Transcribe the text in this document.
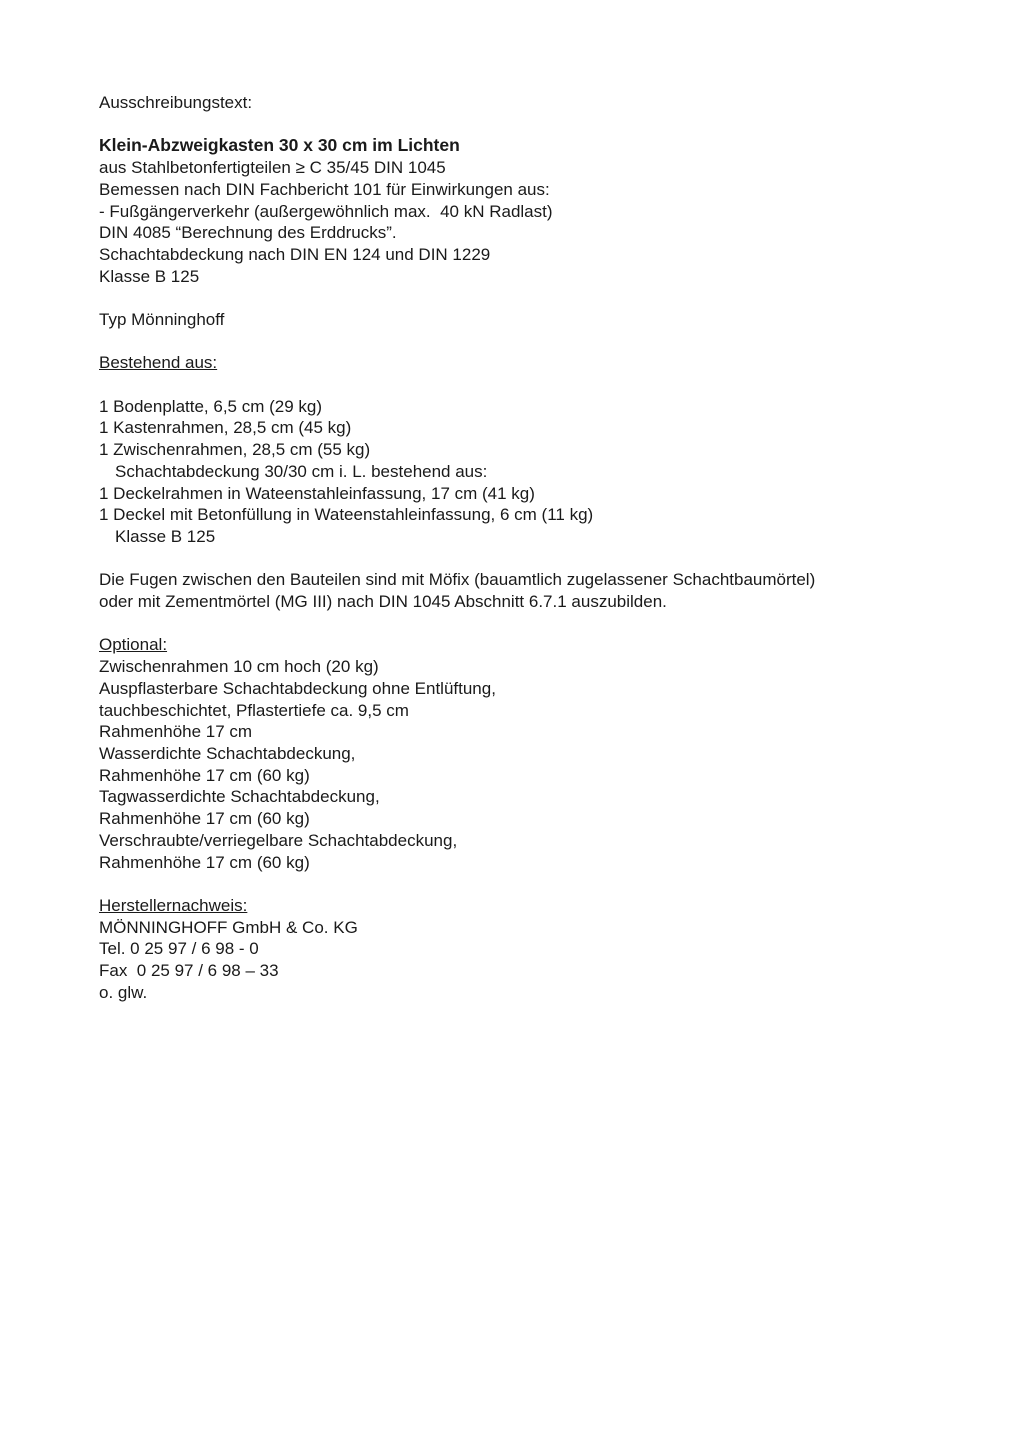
Ausschreibungstext:
Klein-Abzweigkasten 30 x 30 cm im Lichten
aus Stahlbetonfertigteilen ≥ C 35/45 DIN 1045
Bemessen nach DIN Fachbericht 101 für Einwirkungen aus:
- Fußgängerverkehr (außergewöhnlich max.  40 kN Radlast)
DIN 4085 “Berechnung des Erddrucks”.
Schachtabdeckung nach DIN EN 124 und DIN 1229
Klasse B 125
Typ Mönninghoff
Bestehend aus:
1 Bodenplatte, 6,5 cm (29 kg)
1 Kastenrahmen, 28,5 cm (45 kg)
1 Zwischenrahmen, 28,5 cm (55 kg)
Schachtabdeckung 30/30 cm i. L. bestehend aus:
1 Deckelrahmen in Wateenstahleinfassung, 17 cm (41 kg)
1 Deckel mit Betonfüllung in Wateenstahleinfassung, 6 cm (11 kg)
Klasse B 125
Die Fugen zwischen den Bauteilen sind mit Möfix (bauamtlich zugelassener Schachtbaumörtel)
oder mit Zementmörtel (MG III) nach DIN 1045 Abschnitt 6.7.1 auszubilden.
Optional:
Zwischenrahmen 10 cm hoch (20 kg)
Auspflasterbare Schachtabdeckung ohne Entlüftung,
tauchbeschichtet, Pflastertiefe ca. 9,5 cm
Rahmenhöhe 17 cm
Wasserdichte Schachtabdeckung,
Rahmenhöhe 17 cm (60 kg)
Tagwasserdichte Schachtabdeckung,
Rahmenhöhe 17 cm (60 kg)
Verschraubte/verriegelbare Schachtabdeckung,
Rahmenhöhe 17 cm (60 kg)
Herstellernachweis:
MÖNNINGHOFF GmbH & Co. KG
Tel. 0 25 97 / 6 98 - 0
Fax  0 25 97 / 6 98 – 33
o. glw.
